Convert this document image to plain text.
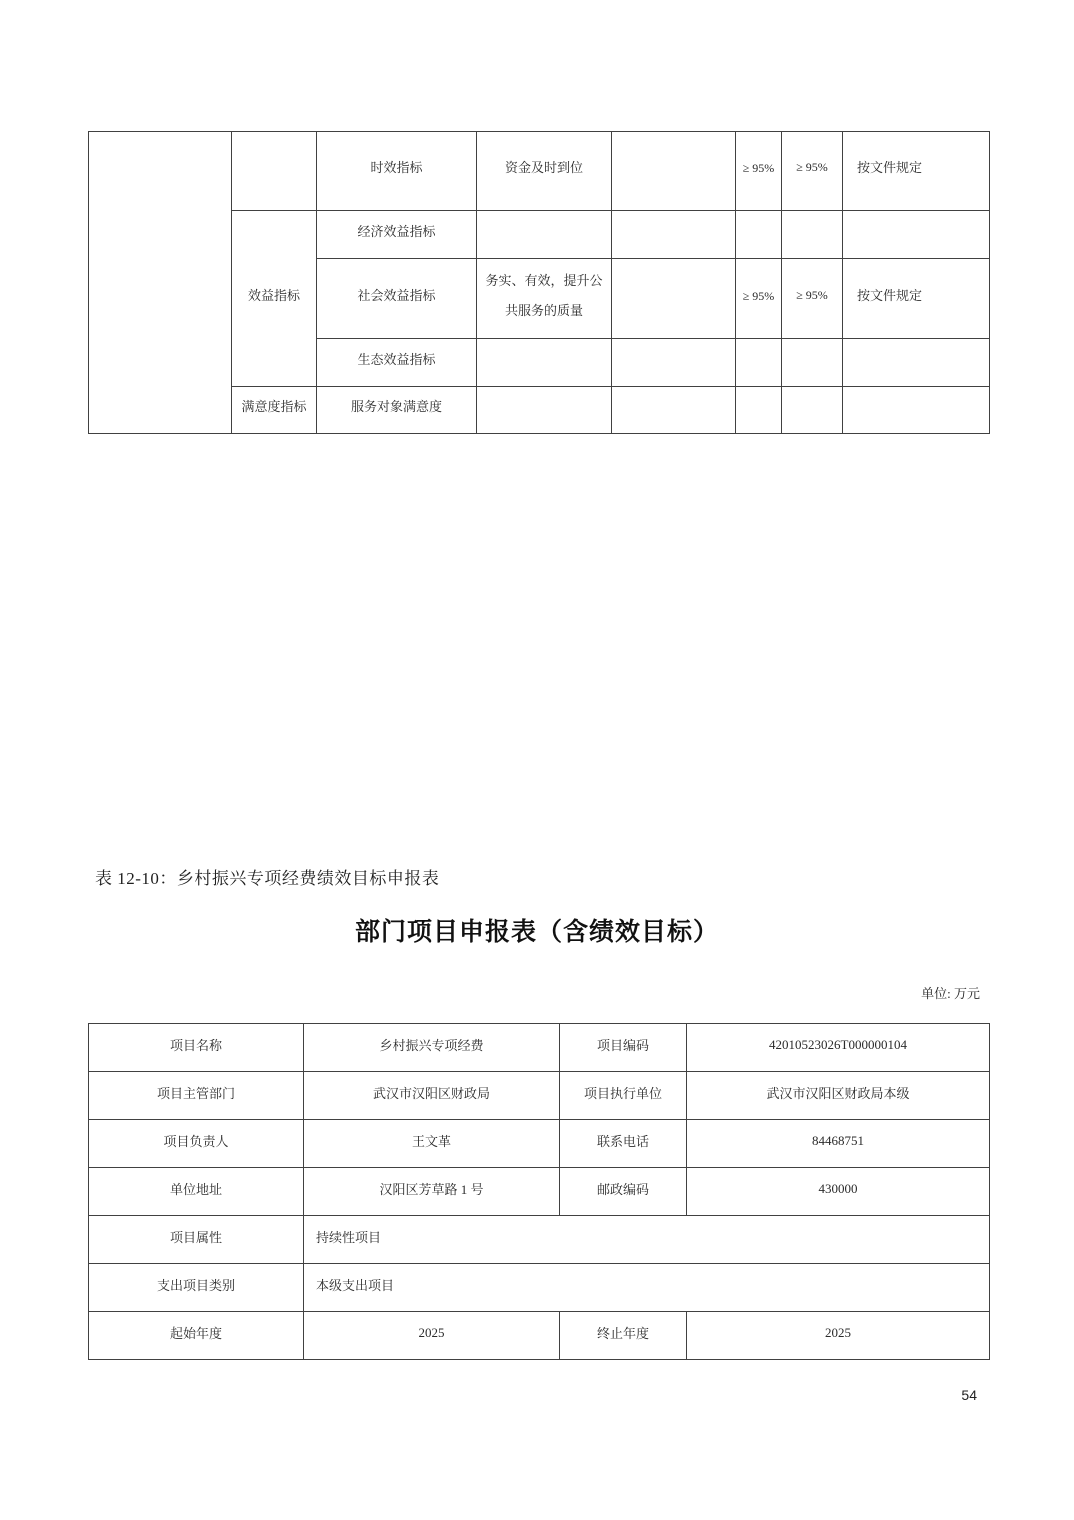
		时效指标	资金及时到位		≥ 95%	≥ 95%	按文件规定
	效益指标	经济效益指标					
		社会效益指标	务实、有效，提升公共服务的质量		≥ 95%	≥ 95%	按文件规定
		生态效益指标					
	满意度指标	服务对象满意度					
表 12-10：乡村振兴专项经费绩效目标申报表
部门项目申报表（含绩效目标）
单位: 万元
项目名称	乡村振兴专项经费	项目编码	42010523026T000000104
项目主管部门	武汉市汉阳区财政局	项目执行单位	武汉市汉阳区财政局本级
项目负责人	王文革	联系电话	84468751
单位地址	汉阳区芳草路 1 号	邮政编码	430000
项目属性	持续性项目		
支出项目类别	本级支出项目		
起始年度	2025	终止年度	2025
54
